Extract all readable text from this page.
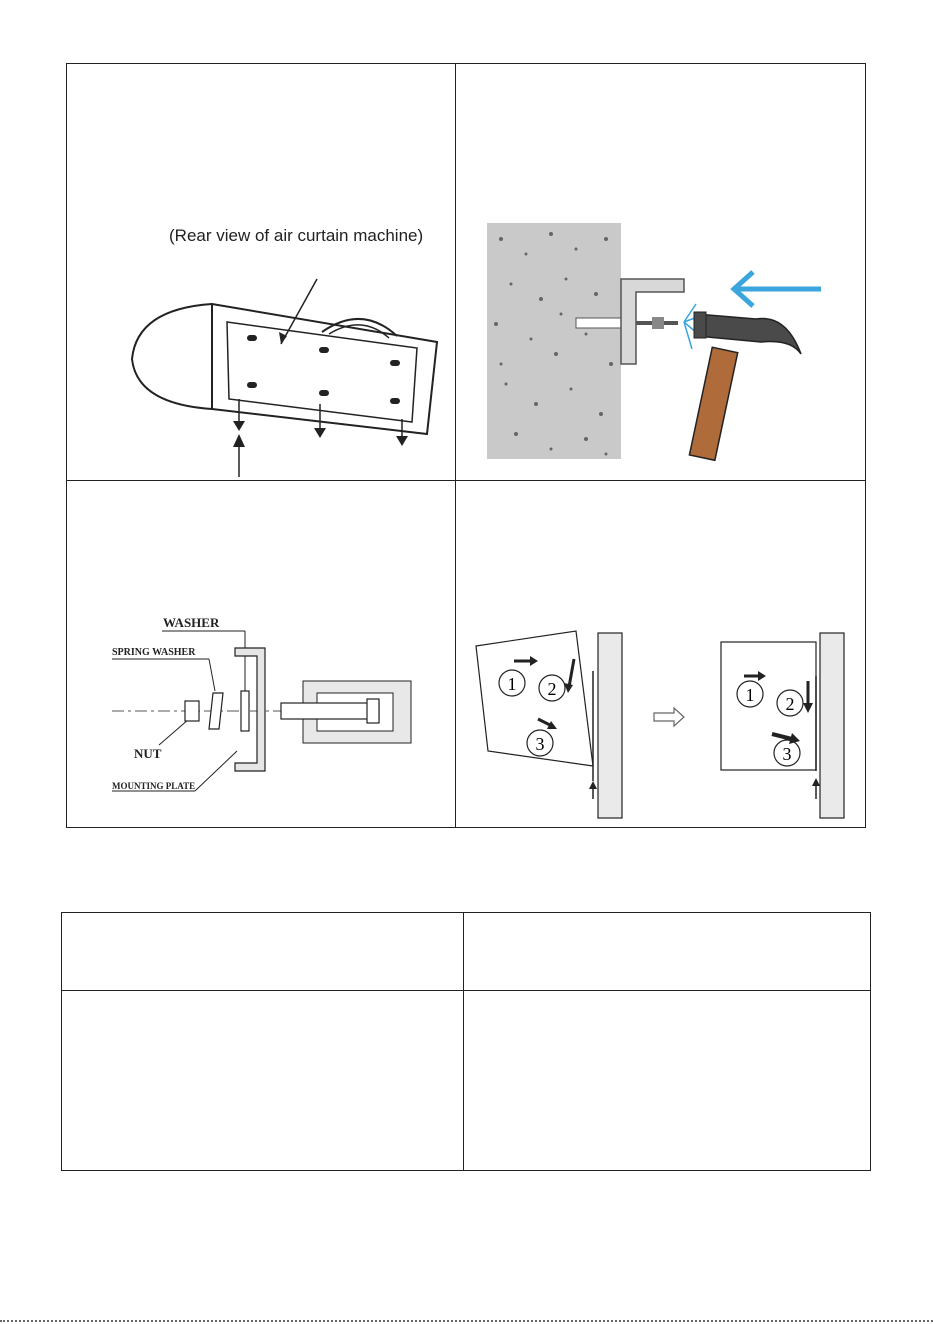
(Rear view of air curtain machine)
WASHER
SPRING WASHER
NUT
MOUNTING PLATE
1 2
3
1 2
3
